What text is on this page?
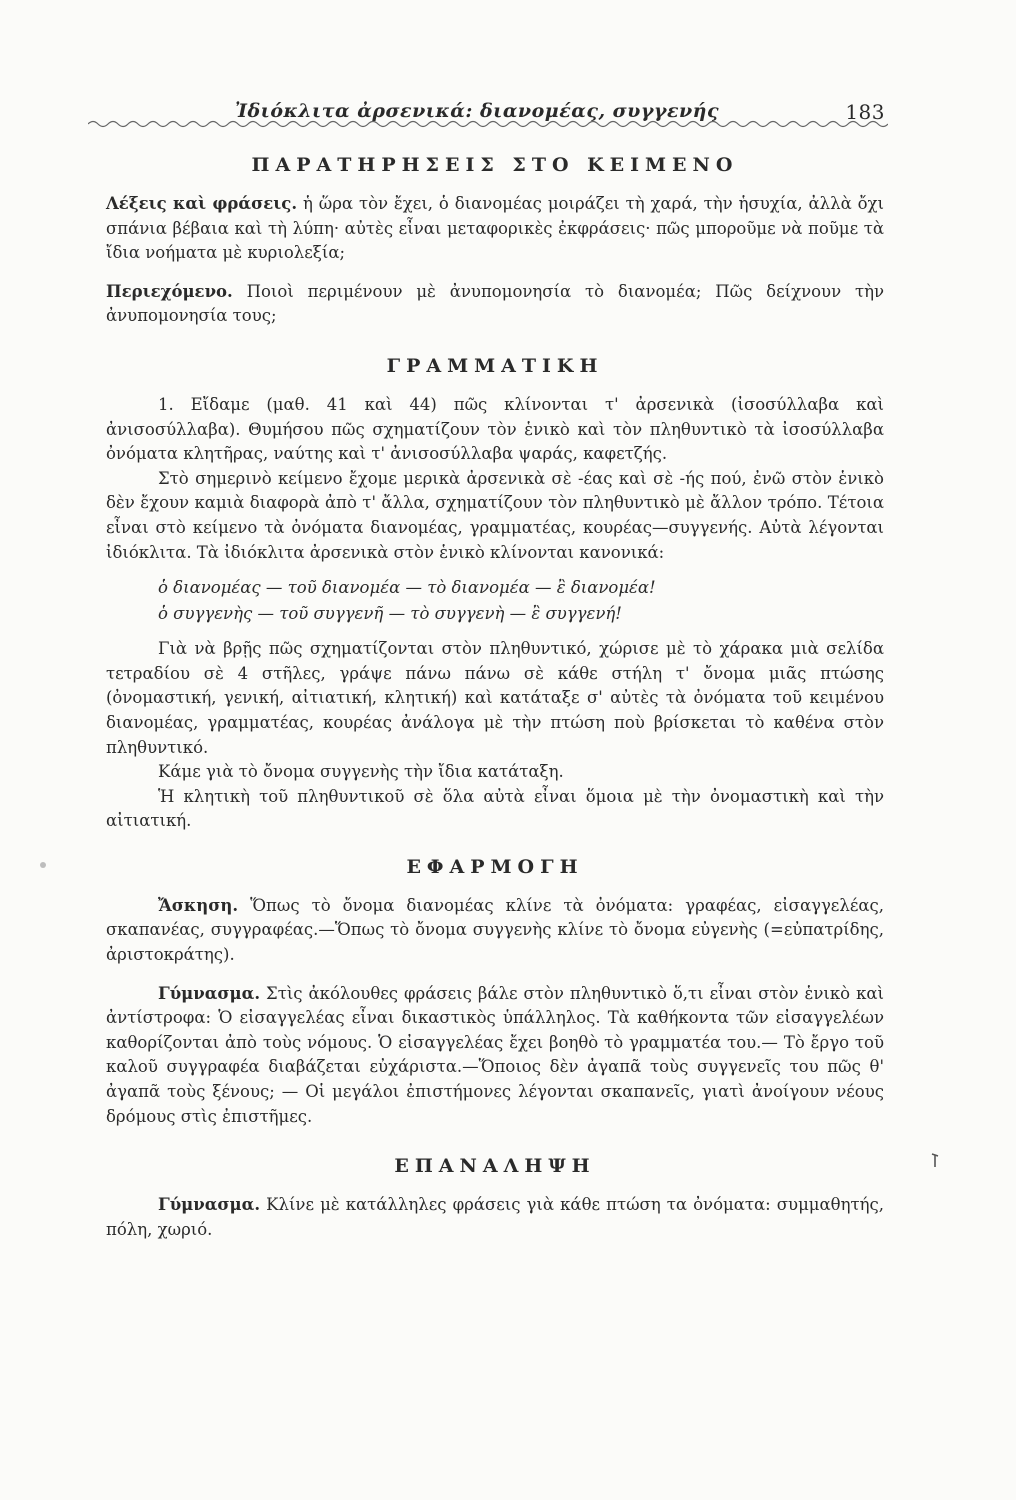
Ἰδιόκλιτα ἀρσενικά: διανομέας, συγγενής	183
ΠΑΡΑΤΗΡΗΣΕΙΣ ΣΤΟ ΚΕΙΜΕΝΟ

Λέξεις καὶ φράσεις. ἡ ὥρα τὸν ἔχει, ὁ διανομέας μοιράζει τὴ χαρά, τὴν ἡσυχία, ἀλλὰ ὄχι σπάνια βέβαια καὶ τὴ λύπη· αὐτὲς εἶναι μεταφορικὲς ἐκφράσεις· πῶς μποροῦμε νὰ ποῦμε τὰ ἴδια νοήματα μὲ κυριολεξία;

Περιεχόμενο. Ποιοὶ περιμένουν μὲ ἀνυπομονησία τὸ διανομέα; Πῶς δείχνουν τὴν ἀνυπομονησία τους;

ΓΡΑΜΜΑΤΙΚΗ

1. Εἴδαμε (μαθ. 41 καὶ 44) πῶς κλίνονται τ' ἀρσενικὰ (ἰσοσύλλαβα καὶ ἀνισοσύλλαβα). Θυμήσου πῶς σχηματίζουν τὸν ἑνικὸ καὶ τὸν πληθυντικὸ τὰ ἰσοσύλλαβα ὀνόματα κλητῆρας, ναύτης καὶ τ' ἀνισοσύλλαβα ψαράς, καφετζής.

Στὸ σημερινὸ κείμενο ἔχομε μερικὰ ἀρσενικὰ σὲ -έας καὶ σὲ -ής πού, ἐνῶ στὸν ἑνικὸ δὲν ἔχουν καμιὰ διαφορὰ ἀπὸ τ' ἄλλα, σχηματίζουν τὸν πληθυντικὸ μὲ ἄλλον τρόπο. Τέτοια εἶναι στὸ κείμενο τὰ ὀνόματα διανομέας, γραμματέας, κουρέας—συγγενής. Αὐτὰ λέγονται ἰδιόκλιτα. Τὰ ἰδιόκλιτα ἀρσενικὰ στὸν ἑνικὸ κλίνονται κανονικά:

ὁ διανομέας — τοῦ διανομέα — τὸ διανομέα — ἒ διανομέα!
ὁ συγγενὴς — τοῦ συγγενῆ — τὸ συγγενὴ — ἒ συγγενή!

Γιὰ νὰ βρῇς πῶς σχηματίζονται στὸν πληθυντικό, χώρισε μὲ τὸ χάρακα μιὰ σελίδα τετραδίου σὲ 4 στῆλες, γράψε πάνω πάνω σὲ κάθε στήλη τ' ὄνομα μιᾶς πτώσης (ὀνομαστική, γενική, αἰτιατική, κλητική) καὶ κατάταξε σ' αὐτὲς τὰ ὀνόματα τοῦ κειμένου διανομέας, γραμματέας, κουρέας ἀνάλογα μὲ τὴν πτώση ποὺ βρίσκεται τὸ καθένα στὸν πληθυντικό.

Κάμε γιὰ τὸ ὄνομα συγγενὴς τὴν ἴδια κατάταξη.

Ἡ κλητικὴ τοῦ πληθυντικοῦ σὲ ὅλα αὐτὰ εἶναι ὅμοια μὲ τὴν ὀνομαστικὴ καὶ τὴν αἰτιατική.

ΕΦΑΡΜΟΓΗ

Ἄσκηση. Ὅπως τὸ ὄνομα διανομέας κλίνε τὰ ὀνόματα: γραφέας, εἰσαγγελέας, σκαπανέας, συγγραφέας.—Ὅπως τὸ ὄνομα συγγενὴς κλίνε τὸ ὄνομα εὐγενὴς (=εὐπατρίδης, ἀριστοκράτης).

Γύμνασμα. Στὶς ἀκόλουθες φράσεις βάλε στὸν πληθυντικὸ ὅ,τι εἶναι στὸν ἑνικὸ καὶ ἀντίστροφα: Ὁ εἰσαγγελέας εἶναι δικαστικὸς ὑπάλληλος. Τὰ καθήκοντα τῶν εἰσαγγελέων καθορίζονται ἀπὸ τοὺς νόμους. Ὁ εἰσαγγελέας ἔχει βοηθὸ τὸ γραμματέα του.— Τὸ ἔργο τοῦ καλοῦ συγγραφέα διαβάζεται εὐχάριστα.—Ὅποιος δὲν ἀγαπᾶ τοὺς συγγενεῖς του πῶς θ' ἀγαπᾶ τοὺς ξένους; — Οἱ μεγάλοι ἐπιστήμονες λέγονται σκαπανεῖς, γιατὶ ἀνοίγουν νέους δρόμους στὶς ἐπιστῆμες.

ΕΠΑΝΑΛΗΨΗ

Γύμνασμα. Κλίνε μὲ κατάλληλες φράσεις γιὰ κάθε πτώση τα ὀνόματα: συμμαθητής, πόλη, χωριό.
